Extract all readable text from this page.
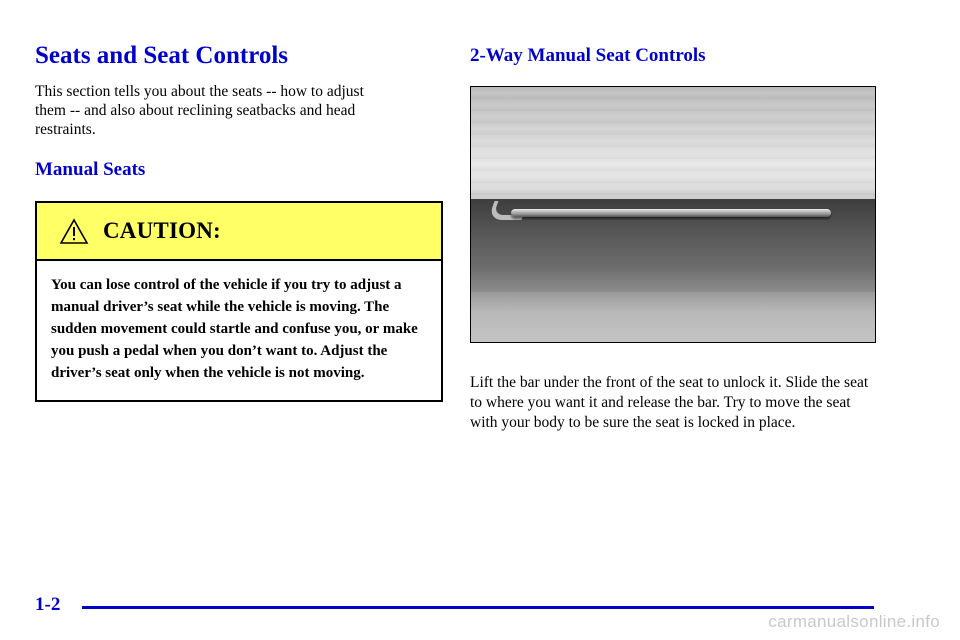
Seats and Seat Controls

This section tells you about the seats -- how to adjust them -- and also about reclining seatbacks and head restraints.

Manual Seats
CAUTION:
You can lose control of the vehicle if you try to adjust a manual driver’s seat while the vehicle is moving. The sudden movement could startle and confuse you, or make you push a pedal when you don’t want to. Adjust the driver’s seat only when the vehicle is not moving.
2-Way Manual Seat Controls

Lift the bar under the front of the seat to unlock it. Slide the seat to where you want it and release the bar. Try to move the seat with your body to be sure the seat is locked in place.

1-2
carmanualsonline.info
